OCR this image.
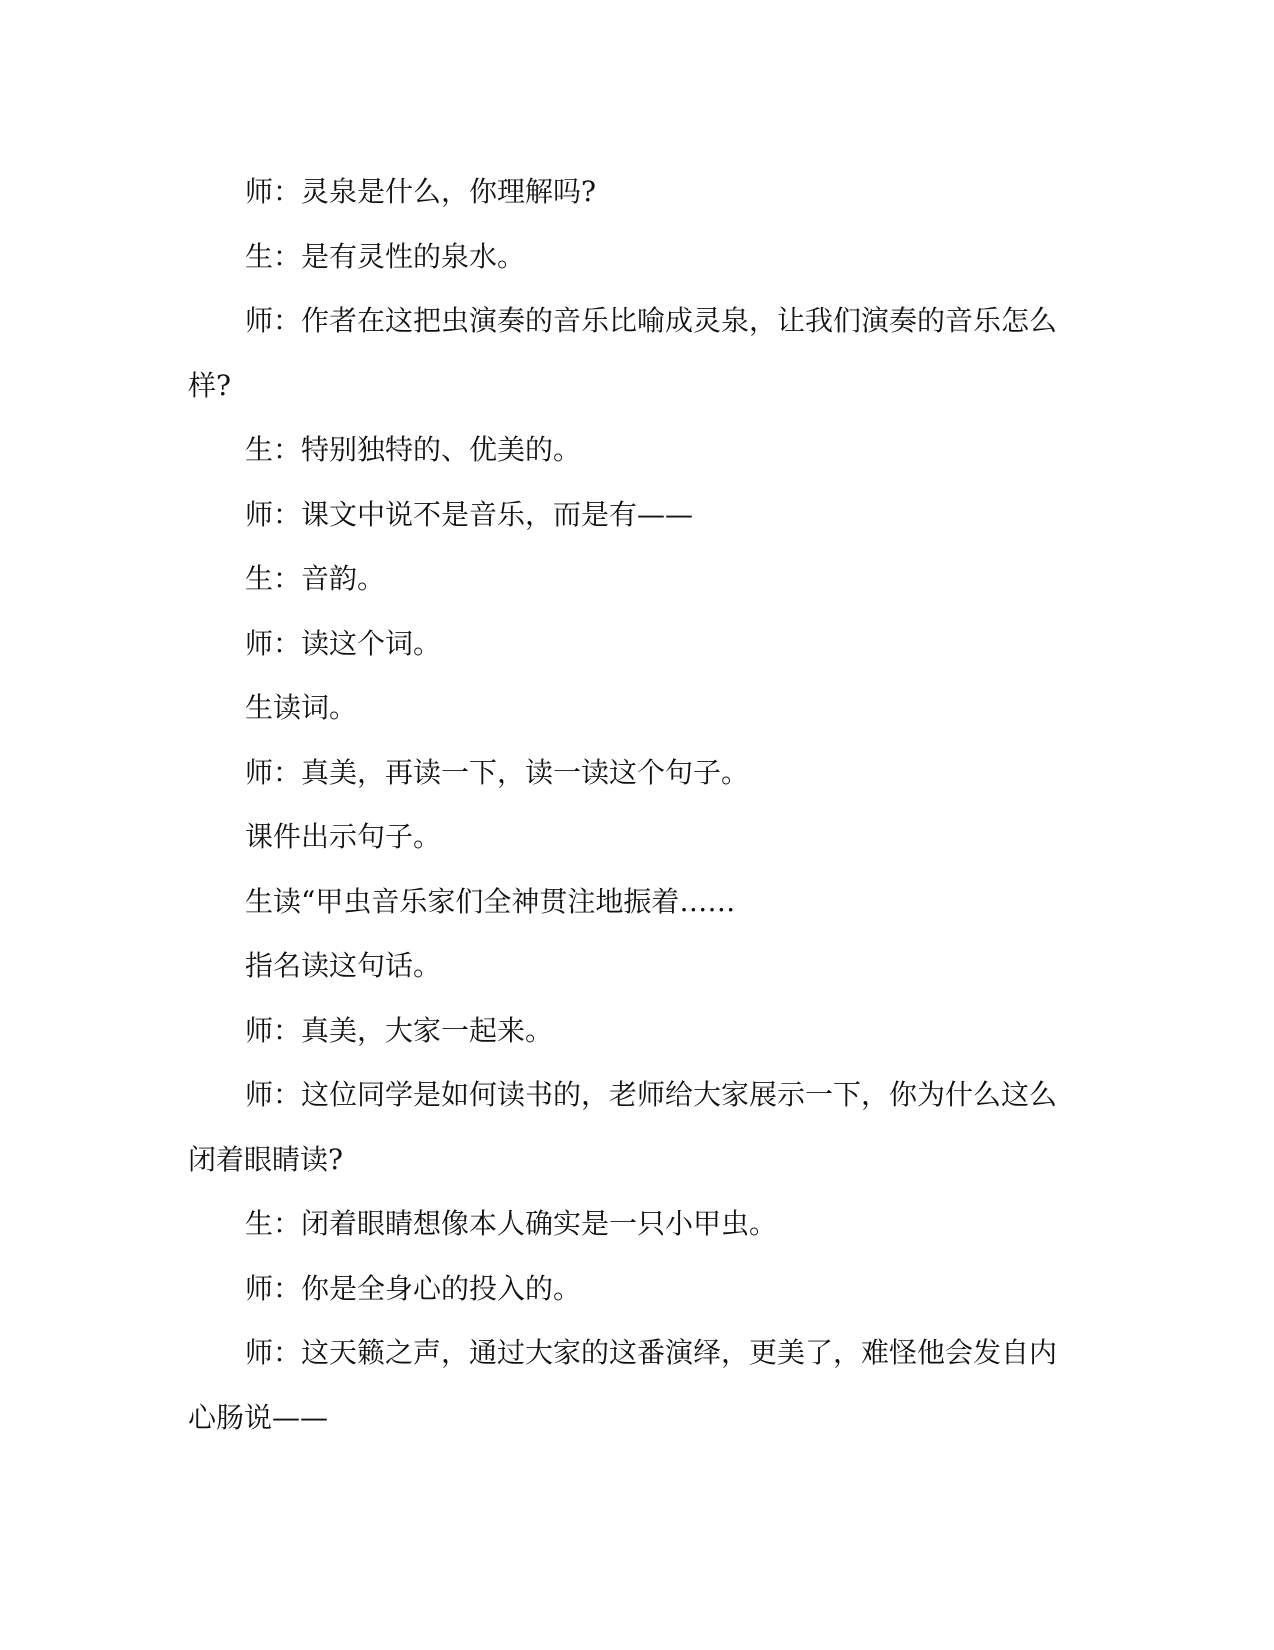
师：灵泉是什么，你理解吗?

生：是有灵性的泉水。

师：作者在这把虫演奏的音乐比喻成灵泉，让我们演奏的音乐怎么样?

生：特别独特的、优美的。

师：课文中说不是音乐，而是有——

生：音韵。

师：读这个词。

生读词。

师：真美，再读一下，读一读这个句子。

课件出示句子。

生读“甲虫音乐家们全神贯注地振着……

指名读这句话。

师：真美，大家一起来。

师：这位同学是如何读书的，老师给大家展示一下，你为什么这么闭着眼睛读?

生：闭着眼睛想像本人确实是一只小甲虫。

师：你是全身心的投入的。

师：这天籁之声，通过大家的这番演绎，更美了，难怪他会发自内心肠说——
